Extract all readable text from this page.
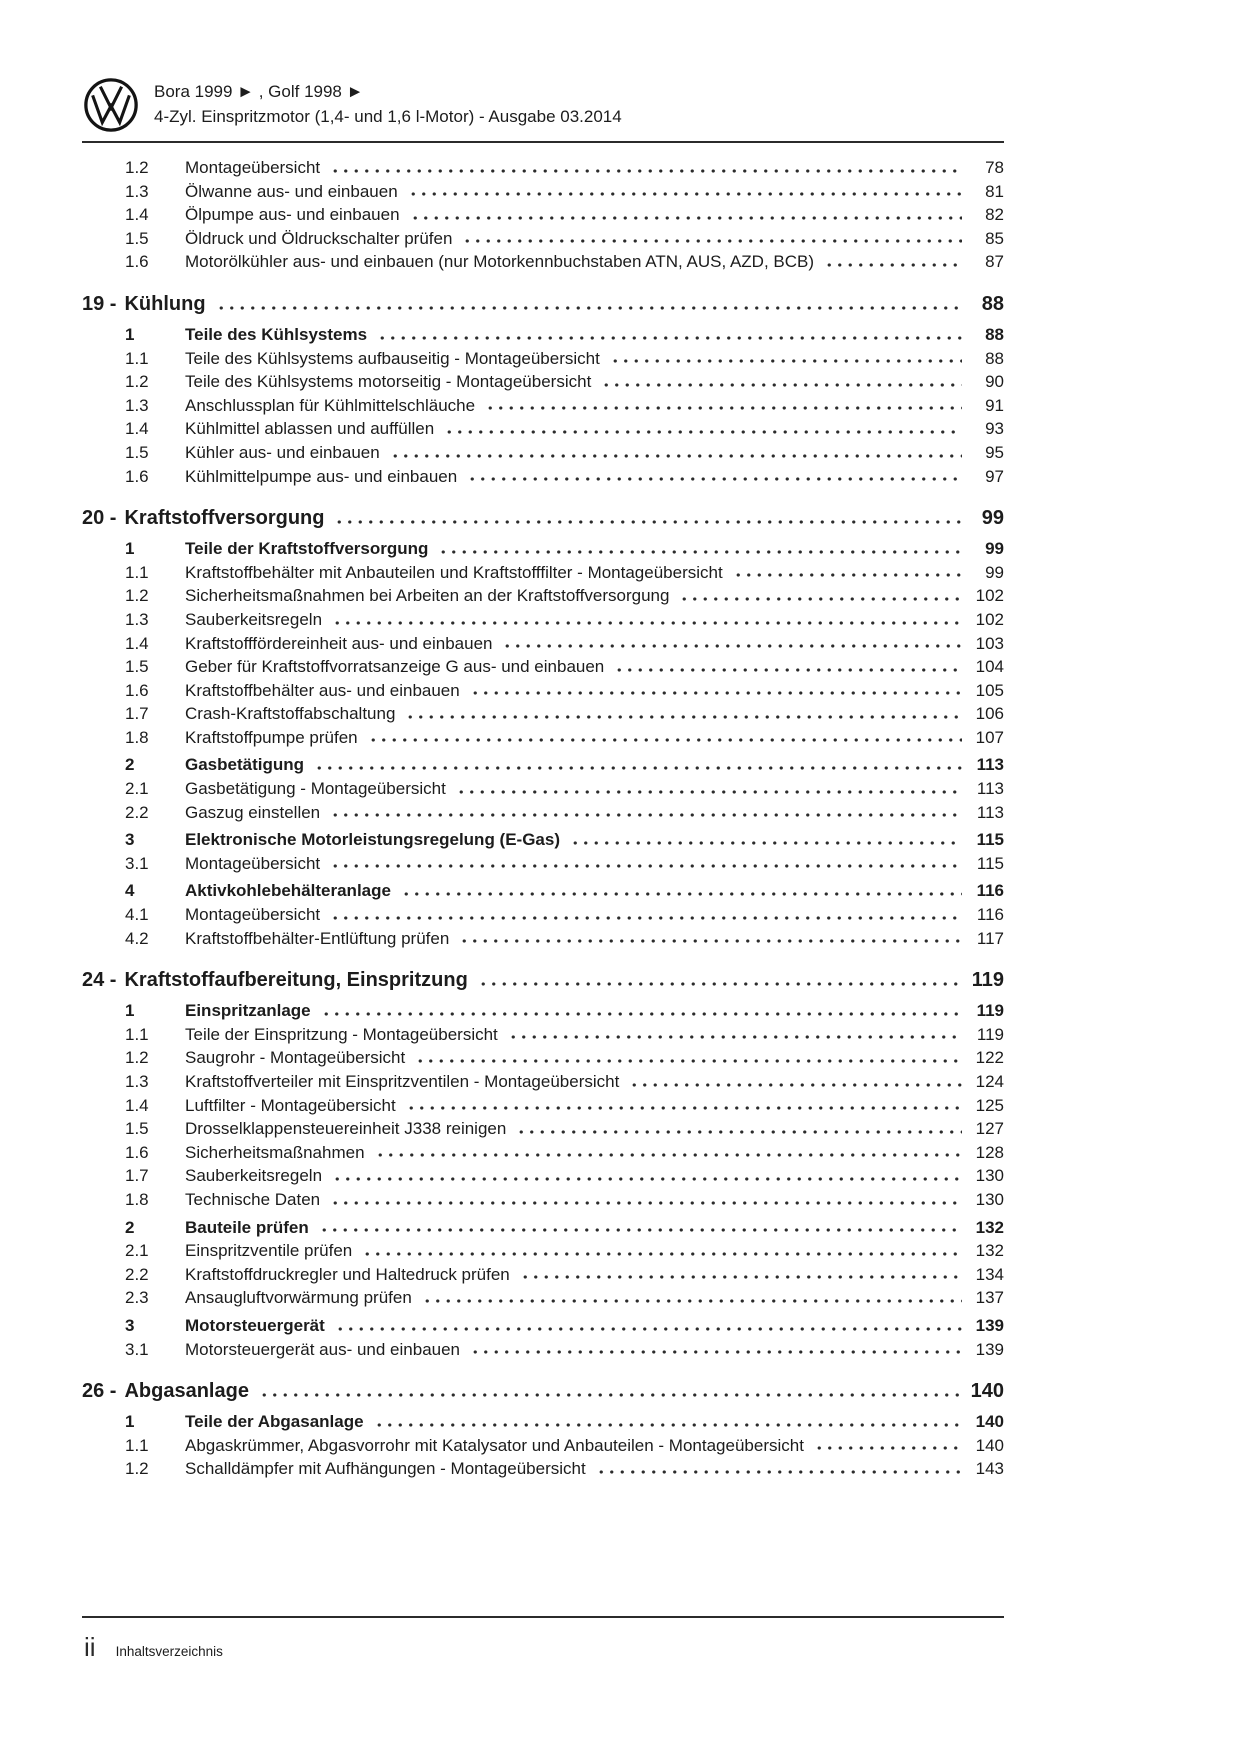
Bora 1999 ► , Golf 1998 ►
4-Zyl. Einspritzmotor (1,4- und 1,6 l-Motor) - Ausgabe 03.2014
1.2	Montageübersicht	78
1.3	Ölwanne aus- und einbauen	81
1.4	Ölpumpe aus- und einbauen	82
1.5	Öldruck und Öldruckschalter prüfen	85
1.6	Motorölkühler aus- und einbauen (nur Motorkennbuchstaben ATN, AUS, AZD, BCB)	87
19 - Kühlung	88
1	Teile des Kühlsystems	88
1.1	Teile des Kühlsystems aufbauseitig - Montageübersicht	88
1.2	Teile des Kühlsystems motorseitig - Montageübersicht	90
1.3	Anschlussplan für Kühlmittelschläuche	91
1.4	Kühlmittel ablassen und auffüllen	93
1.5	Kühler aus- und einbauen	95
1.6	Kühlmittelpumpe aus- und einbauen	97
20 - Kraftstoffversorgung	99
1	Teile der Kraftstoffversorgung	99
1.1	Kraftstoffbehälter mit Anbauteilen und Kraftstofffilter - Montageübersicht	99
1.2	Sicherheitsmaßnahmen bei Arbeiten an der Kraftstoffversorgung	102
1.3	Sauberkeitsregeln	102
1.4	Kraftstofffördereinheit aus- und einbauen	103
1.5	Geber für Kraftstoffvorratsanzeige G aus- und einbauen	104
1.6	Kraftstoffbehälter aus- und einbauen	105
1.7	Crash-Kraftstoffabschaltung	106
1.8	Kraftstoffpumpe prüfen	107
2	Gasbetätigung	113
2.1	Gasbetätigung - Montageübersicht	113
2.2	Gaszug einstellen	113
3	Elektronische Motorleistungsregelung (E-Gas)	115
3.1	Montageübersicht	115
4	Aktivkohlebehälteranlage	116
4.1	Montageübersicht	116
4.2	Kraftstoffbehälter-Entlüftung prüfen	117
24 - Kraftstoffaufbereitung, Einspritzung	119
1	Einspritzanlage	119
1.1	Teile der Einspritzung - Montageübersicht	119
1.2	Saugrohr - Montageübersicht	122
1.3	Kraftstoffverteiler mit Einspritzventilen - Montageübersicht	124
1.4	Luftfilter - Montageübersicht	125
1.5	Drosselklappensteuereinheit J338 reinigen	127
1.6	Sicherheitsmaßnahmen	128
1.7	Sauberkeitsregeln	130
1.8	Technische Daten	130
2	Bauteile prüfen	132
2.1	Einspritzventile prüfen	132
2.2	Kraftstoffdruckregler und Haltedruck prüfen	134
2.3	Ansaugluftvorwärmung prüfen	137
3	Motorsteuergerät	139
3.1	Motorsteuergerät aus- und einbauen	139
26 - Abgasanlage	140
1	Teile der Abgasanlage	140
1.1	Abgaskrümmer, Abgasvorrohr mit Katalysator und Anbauteilen - Montageübersicht	140
1.2	Schalldämpfer mit Aufhängungen - Montageübersicht	143
ii Inhaltsverzeichnis
